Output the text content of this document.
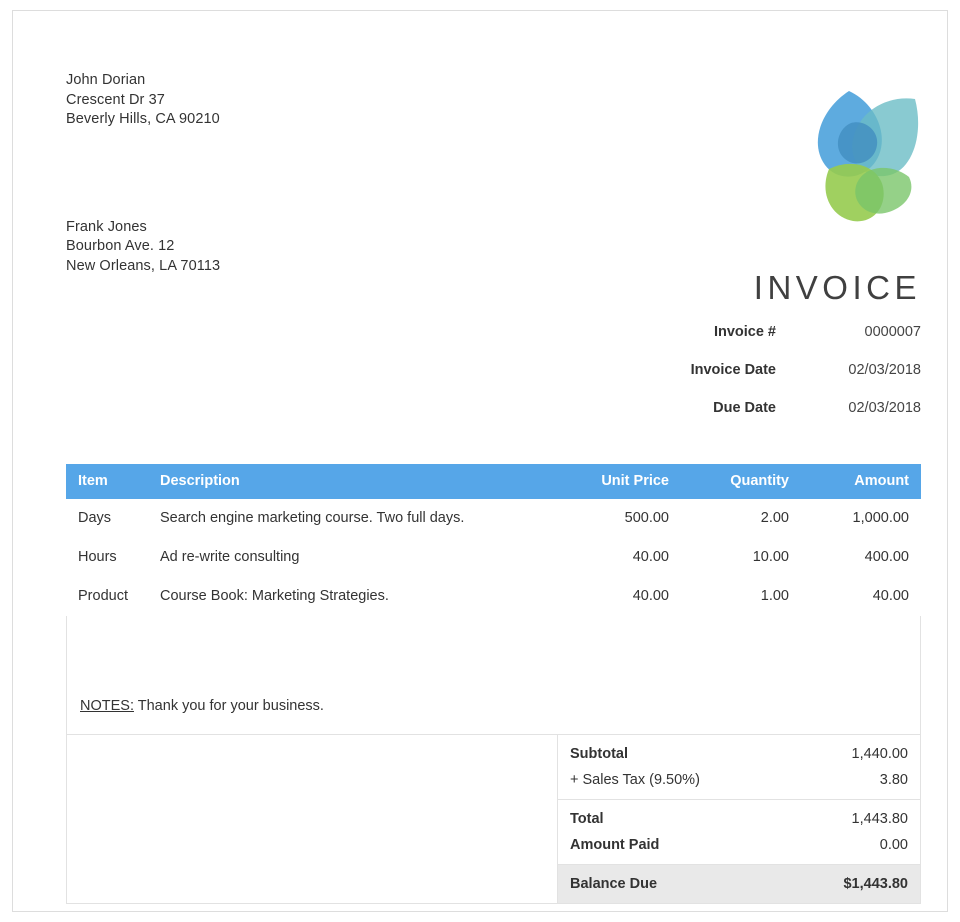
John Dorian
Crescent Dr 37
Beverly Hills, CA 90210
Frank Jones
Bourbon Ave. 12
New Orleans, LA 70113
INVOICE
Invoice #	0000007
Invoice Date	02/03/2018
Due Date	02/03/2018
Item	Description	Unit Price	Quantity	Amount
Days	Search engine marketing course. Two full days.	500.00	2.00	1,000.00
Hours	Ad re-write consulting	40.00	10.00	400.00
Product	Course Book: Marketing Strategies.	40.00	1.00	40.00
NOTES: Thank you for your business.
Subtotal	1,440.00
+ Sales Tax (9.50%)	3.80
Total	1,443.80
Amount Paid	0.00
Balance Due	$1,443.80
